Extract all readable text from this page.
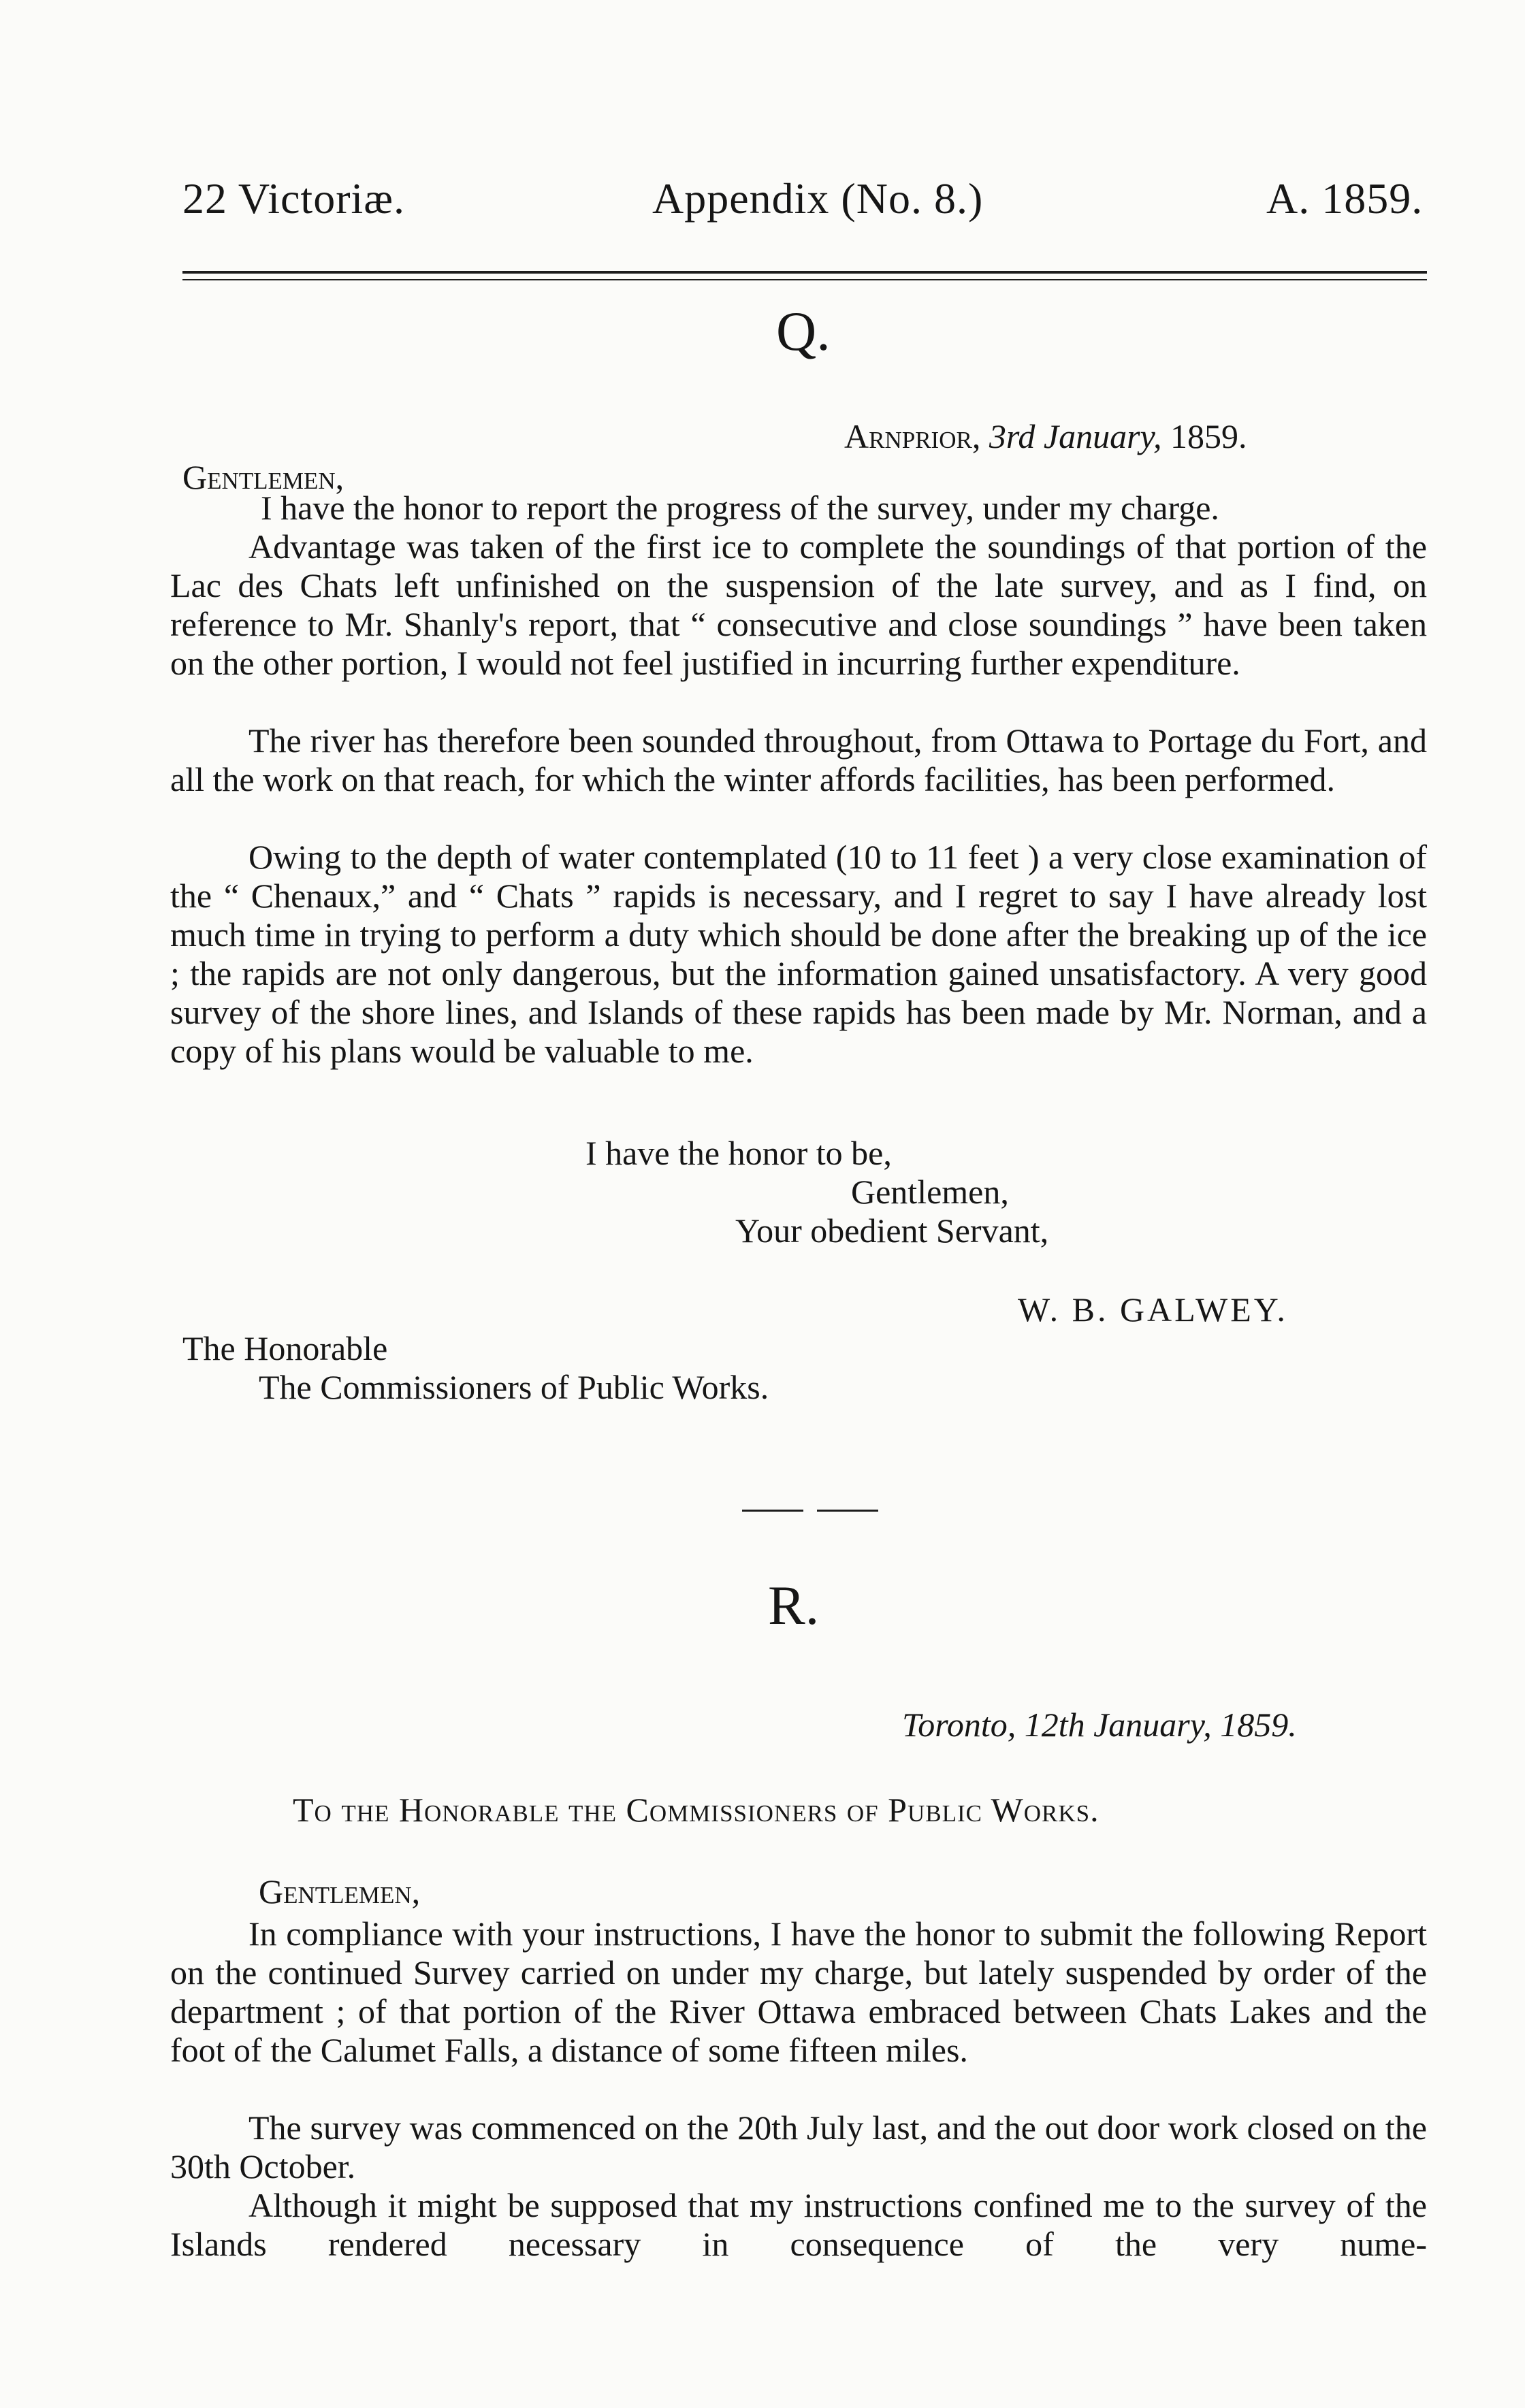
22 Victoriæ.	Appendix (No. 8.)	A. 1859.
Q.
Arnprior, 3rd January, 1859.
Gentlemen,

I have the honor to report the progress of the survey, under my charge.

Advantage was taken of the first ice to complete the soundings of that portion of the Lac des Chats left unfinished on the suspension of the late survey, and as I find, on reference to Mr. Shanly's report, that “ consecutive and close soundings ” have been taken on the other portion, I would not feel justified in incurring further expenditure.

The river has therefore been sounded throughout, from Ottawa to Portage du Fort, and all the work on that reach, for which the winter affords facilities, has been performed.

Owing to the depth of water contemplated (10 to 11 feet ) a very close examination of the “ Chenaux,” and “ Chats ” rapids is necessary, and I regret to say I have already lost much time in trying to perform a duty which should be done after the breaking up of the ice ; the rapids are not only dangerous, but the information gained unsatisfactory. A very good survey of the shore lines, and Islands of these rapids has been made by Mr. Norman, and a copy of his plans would be valuable to me.

I have the honor to be,
Gentlemen,
Your obedient Servant,
W. B. GALWEY.
The Honorable
The Commissioners of Public Works.
R.
Toronto, 12th January, 1859.
To the Honorable the Commissioners of Public Works.
Gentlemen,

In compliance with your instructions, I have the honor to submit the following Report on the continued Survey carried on under my charge, but lately suspended by order of the department ; of that portion of the River Ottawa embraced between Chats Lakes and the foot of the Calumet Falls, a distance of some fifteen miles.

The survey was commenced on the 20th July last, and the out door work closed on the 30th October.

Although it might be supposed that my instructions confined me to the survey of the Islands rendered necessary in consequence of the very nume-
